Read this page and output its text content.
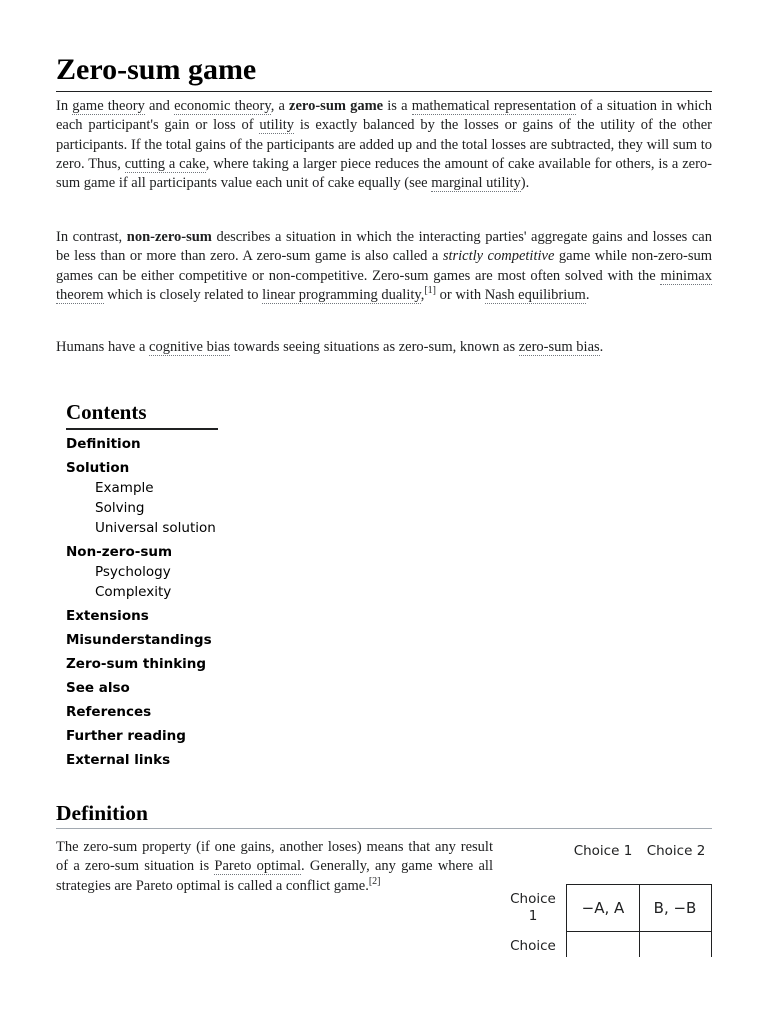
Zero-sum game

In game theory and economic theory, a zero-sum game is a mathematical representation of a situation in which each participant's gain or loss of utility is exactly balanced by the losses or gains of the utility of the other participants. If the total gains of the participants are added up and the total losses are subtracted, they will sum to zero. Thus, cutting a cake, where taking a larger piece reduces the amount of cake available for others, is a zero-sum game if all participants value each unit of cake equally (see marginal utility).

In contrast, non-zero-sum describes a situation in which the interacting parties' aggregate gains and losses can be less than or more than zero. A zero-sum game is also called a strictly competitive game while non-zero-sum games can be either competitive or non-competitive. Zero-sum games are most often solved with the minimax theorem which is closely related to linear programming duality,[1] or with Nash equilibrium.

Humans have a cognitive bias towards seeing situations as zero-sum, known as zero-sum bias.

Contents
Definition
Solution
Example
Solving
Universal solution
Non-zero-sum
Psychology
Complexity
Extensions
Misunderstandings
Zero-sum thinking
See also
References
Further reading
External links
Definition

The zero-sum property (if one gains, another loses) means that any result of a zero-sum situation is Pareto optimal. Generally, any game where all strategies are Pareto optimal is called a conflict game.[2]

Choice 1	Choice 2
Choice 1
Choice
−A, A	B, −B
